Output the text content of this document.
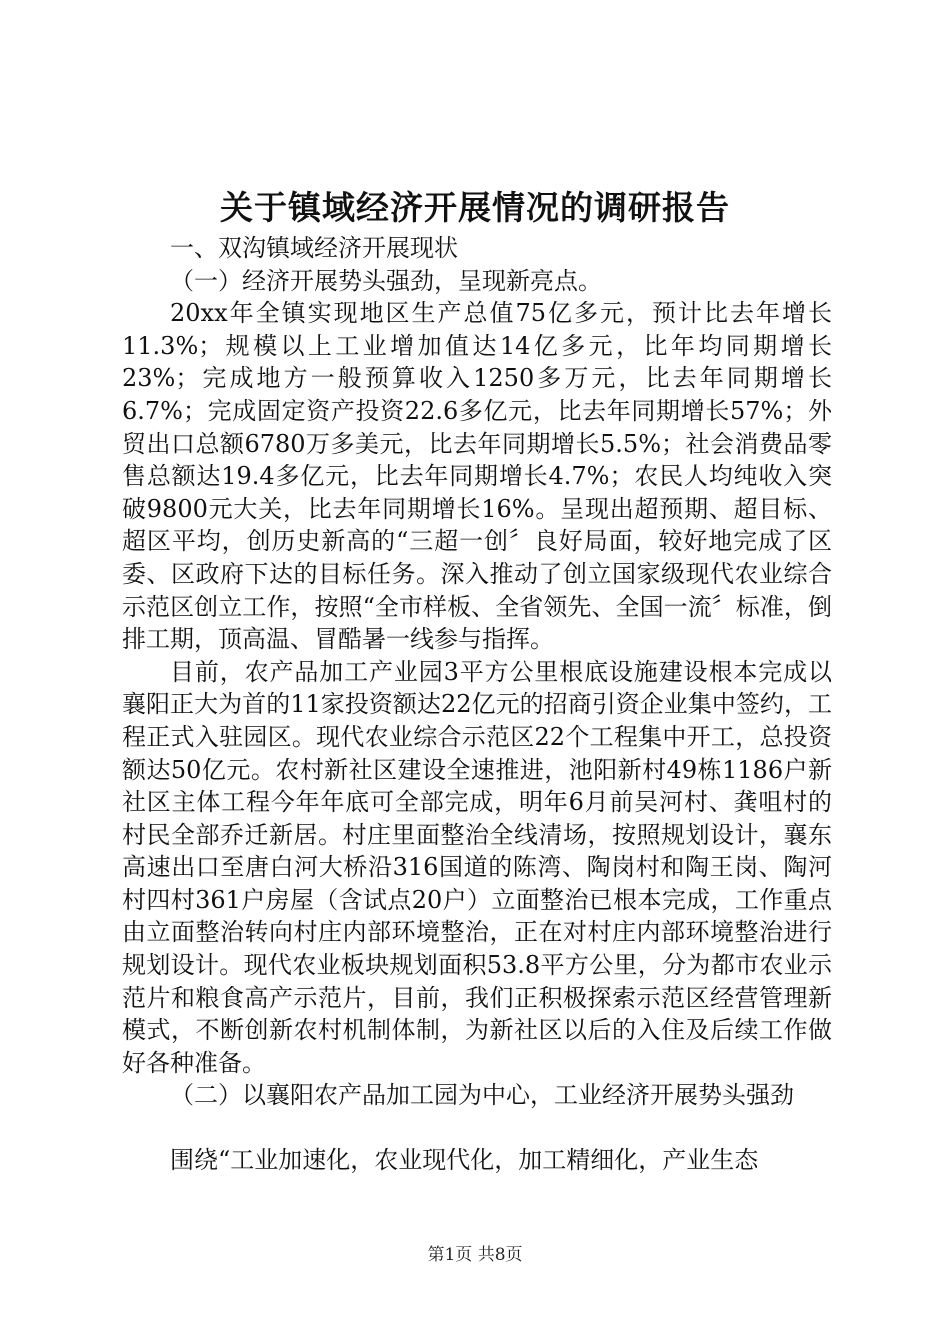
关于镇域经济开展情况的调研报告

一、双沟镇域经济开展现状

（一）经济开展势头强劲，呈现新亮点。

20xx年全镇实现地区生产总值75亿多元，预计比去年增长11.3%；规模以上工业增加值达14亿多元，比年均同期增长23%；完成地方一般预算收入1250多万元，比去年同期增长6.7%；完成固定资产投资22.6多亿元，比去年同期增长57%；外贸出口总额6780万多美元，比去年同期增长5.5%；社会消费品零售总额达19.4多亿元，比去年同期增长4.7%；农民人均纯收入突破9800元大关，比去年同期增长16%。呈现出超预期、超目标、超区平均，创历史新高的“三超一创〞良好局面，较好地完成了区委、区政府下达的目标任务。深入推动了创立国家级现代农业综合示范区创立工作，按照“全市样板、全省领先、全国一流〞标准，倒排工期，顶高温、冒酷暑一线参与指挥。

目前，农产品加工产业园3平方公里根底设施建设根本完成以襄阳正大为首的11家投资额达22亿元的招商引资企业集中签约，工程正式入驻园区。现代农业综合示范区22个工程集中开工，总投资额达50亿元。农村新社区建设全速推进，池阳新村49栋1186户新社区主体工程今年年底可全部完成，明年6月前吴河村、龚咀村的村民全部乔迁新居。村庄里面整治全线清场，按照规划设计，襄东高速出口至唐白河大桥沿316国道的陈湾、陶岗村和陶王岗、陶河村四村361户房屋（含试点20户）立面整治已根本完成，工作重点由立面整治转向村庄内部环境整治，正在对村庄内部环境整治进行规划设计。现代农业板块规划面积53.8平方公里，分为都市农业示范片和粮食高产示范片，目前，我们正积极探索示范区经营管理新模式，不断创新农村机制体制，为新社区以后的入住及后续工作做好各种准备。

（二）以襄阳农产品加工园为中心，工业经济开展势头强劲

围绕“工业加速化，农业现代化，加工精细化，产业生态

第1页 共8页
